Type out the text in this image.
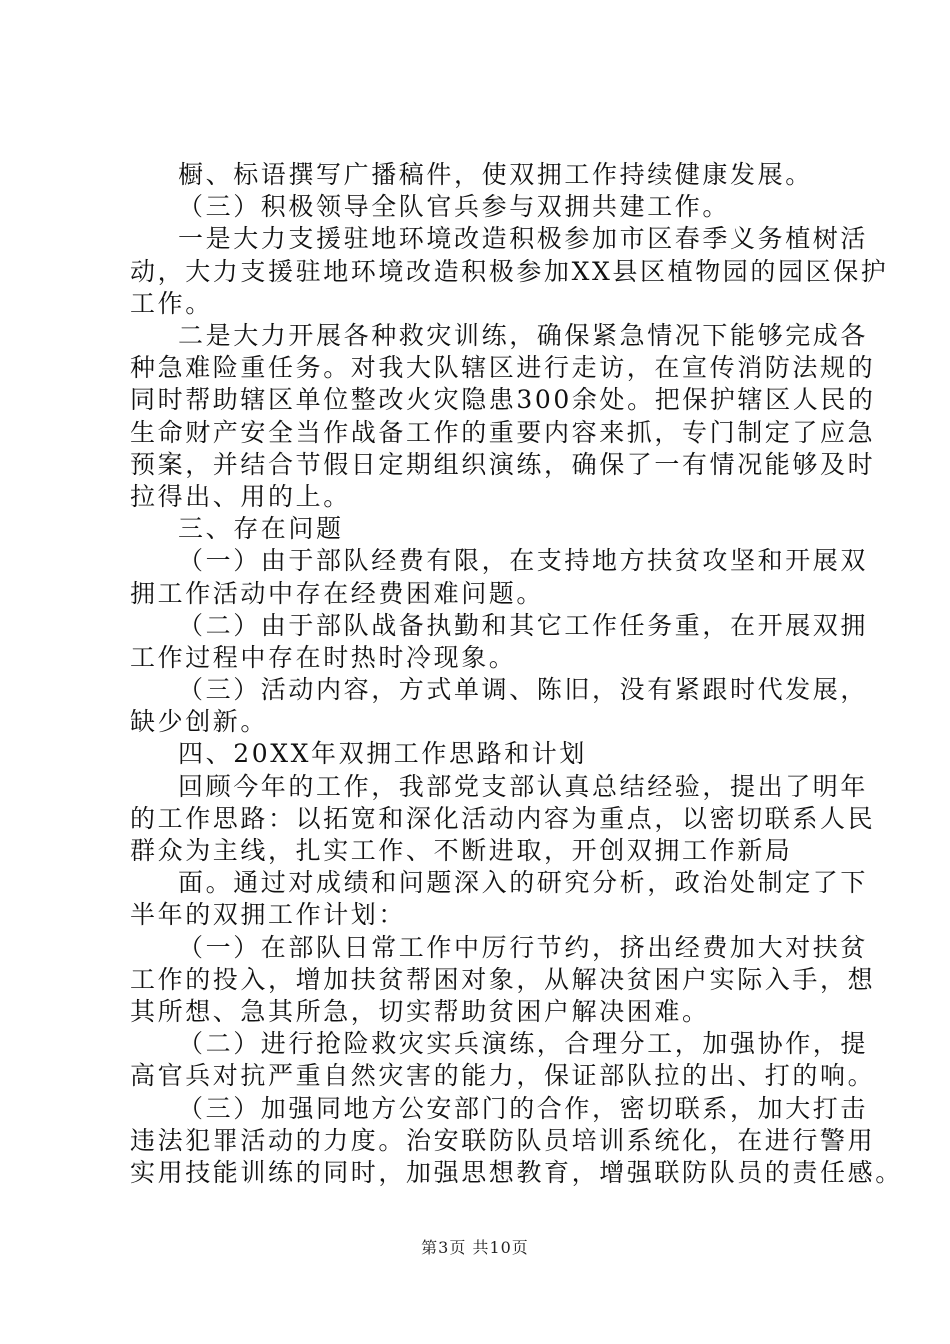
橱、标语撰写广播稿件，使双拥工作持续健康发展。
（三）积极领导全队官兵参与双拥共建工作。
一是大力支援驻地环境改造积极参加市区春季义务植树活
动，大力支援驻地环境改造积极参加XX县区植物园的园区保护
工作。
二是大力开展各种救灾训练，确保紧急情况下能够完成各
种急难险重任务。对我大队辖区进行走访，在宣传消防法规的
同时帮助辖区单位整改火灾隐患300余处。把保护辖区人民的
生命财产安全当作战备工作的重要内容来抓，专门制定了应急
预案，并结合节假日定期组织演练，确保了一有情况能够及时
拉得出、用的上。
三、存在问题
（一）由于部队经费有限，在支持地方扶贫攻坚和开展双
拥工作活动中存在经费困难问题。
（二）由于部队战备执勤和其它工作任务重，在开展双拥
工作过程中存在时热时冷现象。
（三）活动内容，方式单调、陈旧，没有紧跟时代发展，
缺少创新。
四、20XX年双拥工作思路和计划
回顾今年的工作，我部党支部认真总结经验，提出了明年
的工作思路：以拓宽和深化活动内容为重点，以密切联系人民
群众为主线，扎实工作、不断进取，开创双拥工作新局
面。通过对成绩和问题深入的研究分析，政治处制定了下
半年的双拥工作计划：
（一）在部队日常工作中厉行节约，挤出经费加大对扶贫
工作的投入，增加扶贫帮困对象，从解决贫困户实际入手，想
其所想、急其所急，切实帮助贫困户解决困难。
（二）进行抢险救灾实兵演练，合理分工，加强协作，提
高官兵对抗严重自然灾害的能力，保证部队拉的出、打的响。
（三）加强同地方公安部门的合作，密切联系，加大打击
违法犯罪活动的力度。治安联防队员培训系统化，在进行警用
实用技能训练的同时，加强思想教育，增强联防队员的责任感。
第3页 共10页
